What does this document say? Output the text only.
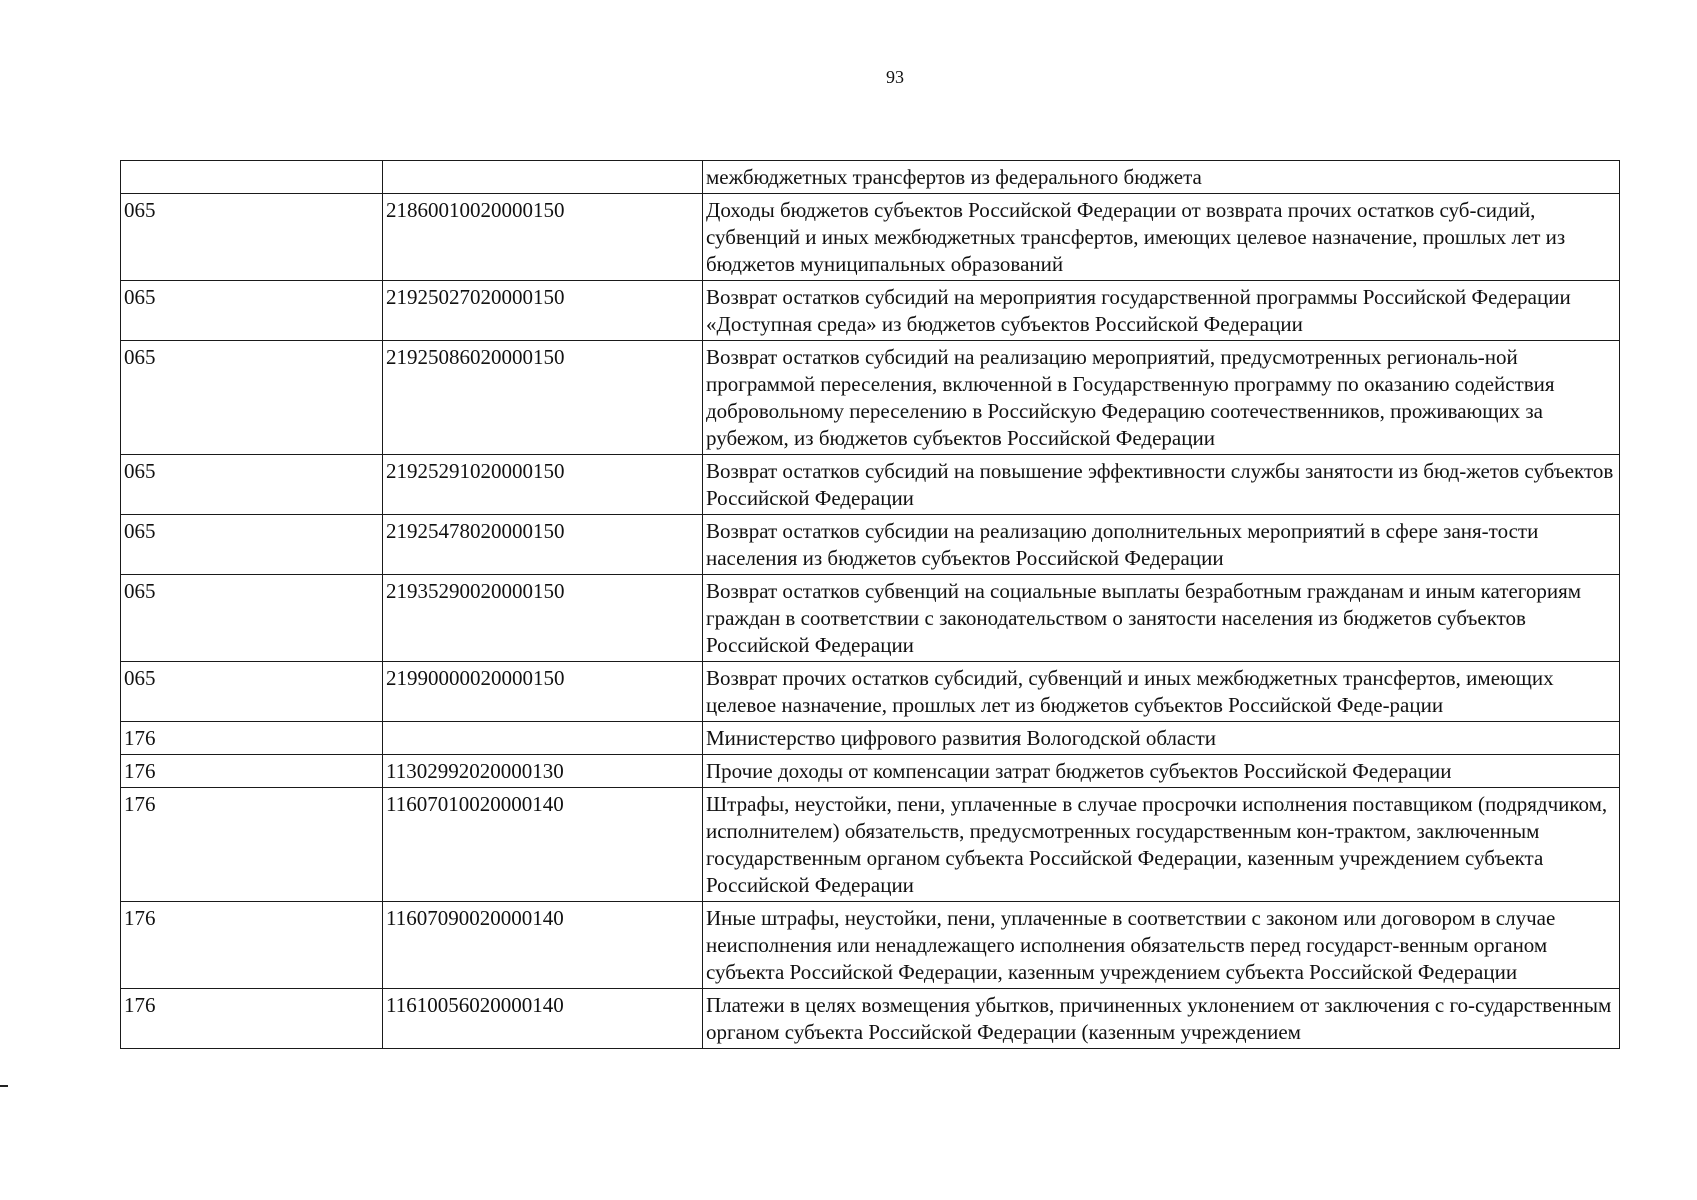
93
		межбюджетных трансфертов из федерального бюджета
065	21860010020000150	Доходы бюджетов субъектов Российской Федерации от возврата прочих остатков суб-сидий, субвенций и иных межбюджетных трансфертов, имеющих целевое назначение, прошлых лет из бюджетов муниципальных образований
065	21925027020000150	Возврат остатков субсидий на мероприятия государственной программы Российской Федерации «Доступная среда» из бюджетов субъектов Российской Федерации
065	21925086020000150	Возврат остатков субсидий на реализацию мероприятий, предусмотренных региональ-ной программой переселения, включенной в Государственную программу по оказанию содействия добровольному переселению в Российскую Федерацию соотечественников, проживающих за рубежом, из бюджетов субъектов Российской Федерации
065	21925291020000150	Возврат остатков субсидий на повышение эффективности службы занятости из бюд-жетов субъектов Российской Федерации
065	21925478020000150	Возврат остатков субсидии на реализацию дополнительных мероприятий в сфере заня-тости населения из бюджетов субъектов Российской Федерации
065	21935290020000150	Возврат остатков субвенций на социальные выплаты безработным гражданам и иным категориям граждан в соответствии с законодательством о занятости населения из бюджетов субъектов Российской Федерации
065	21990000020000150	Возврат прочих остатков субсидий, субвенций и иных межбюджетных трансфертов, имеющих целевое назначение, прошлых лет из бюджетов субъектов Российской Феде-рации
176		Министерство цифрового развития Вологодской области
176	11302992020000130	Прочие доходы от компенсации затрат бюджетов субъектов Российской Федерации
176	11607010020000140	Штрафы, неустойки, пени, уплаченные в случае просрочки исполнения поставщиком (подрядчиком, исполнителем) обязательств, предусмотренных государственным кон-трактом, заключенным государственным органом субъекта Российской Федерации, казенным учреждением субъекта Российской Федерации
176	11607090020000140	Иные штрафы, неустойки, пени, уплаченные в соответствии с законом или договором в случае неисполнения или ненадлежащего исполнения обязательств перед государст-венным органом субъекта Российской Федерации, казенным учреждением субъекта Российской Федерации
176	11610056020000140	Платежи в целях возмещения убытков, причиненных уклонением от заключения с го-сударственным органом субъекта Российской Федерации (казенным учреждением
